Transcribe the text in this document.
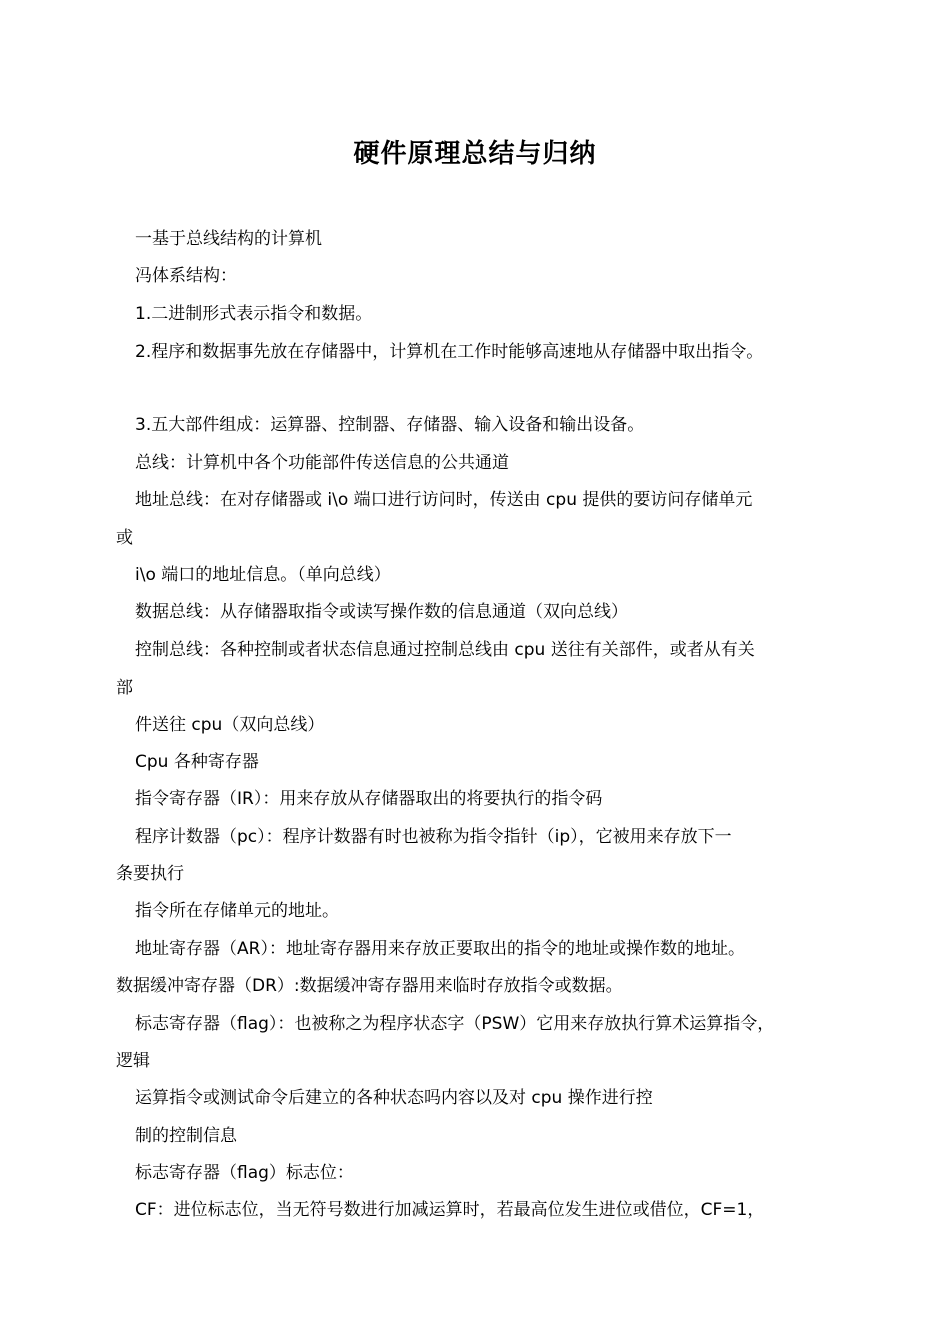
硬件原理总结与归纳
一基于总线结构的计算机
冯体系结构：
1.二进制形式表示指令和数据。
2.程序和数据事先放在存储器中，计算机在工作时能够高速地从存储器中取出指令。
3.五大部件组成：运算器、控制器、存储器、输入设备和输出设备。
总线：计算机中各个功能部件传送信息的公共通道
地址总线：在对存储器或 i\o 端口进行访问时，传送由 cpu 提供的要访问存储单元
或
i\o 端口的地址信息。（单向总线）
数据总线：从存储器取指令或读写操作数的信息通道（双向总线）
控制总线：各种控制或者状态信息通过控制总线由 cpu 送往有关部件，或者从有关
部
件送往 cpu（双向总线）
Cpu 各种寄存器
指令寄存器（IR）：用来存放从存储器取出的将要执行的指令码
程序计数器（pc）：程序计数器有时也被称为指令指针（ip），它被用来存放下一
条要执行
指令所在存储单元的地址。
地址寄存器（AR）：地址寄存器用来存放正要取出的指令的地址或操作数的地址。
数据缓冲寄存器（DR）:数据缓冲寄存器用来临时存放指令或数据。
标志寄存器（flag）：也被称之为程序状态字（PSW）它用来存放执行算术运算指令，
逻辑
运算指令或测试命令后建立的各种状态吗内容以及对 cpu 操作进行控
制的控制信息
标志寄存器（flag）标志位：
CF：进位标志位，当无符号数进行加减运算时，若最高位发生进位或借位，CF=1，
